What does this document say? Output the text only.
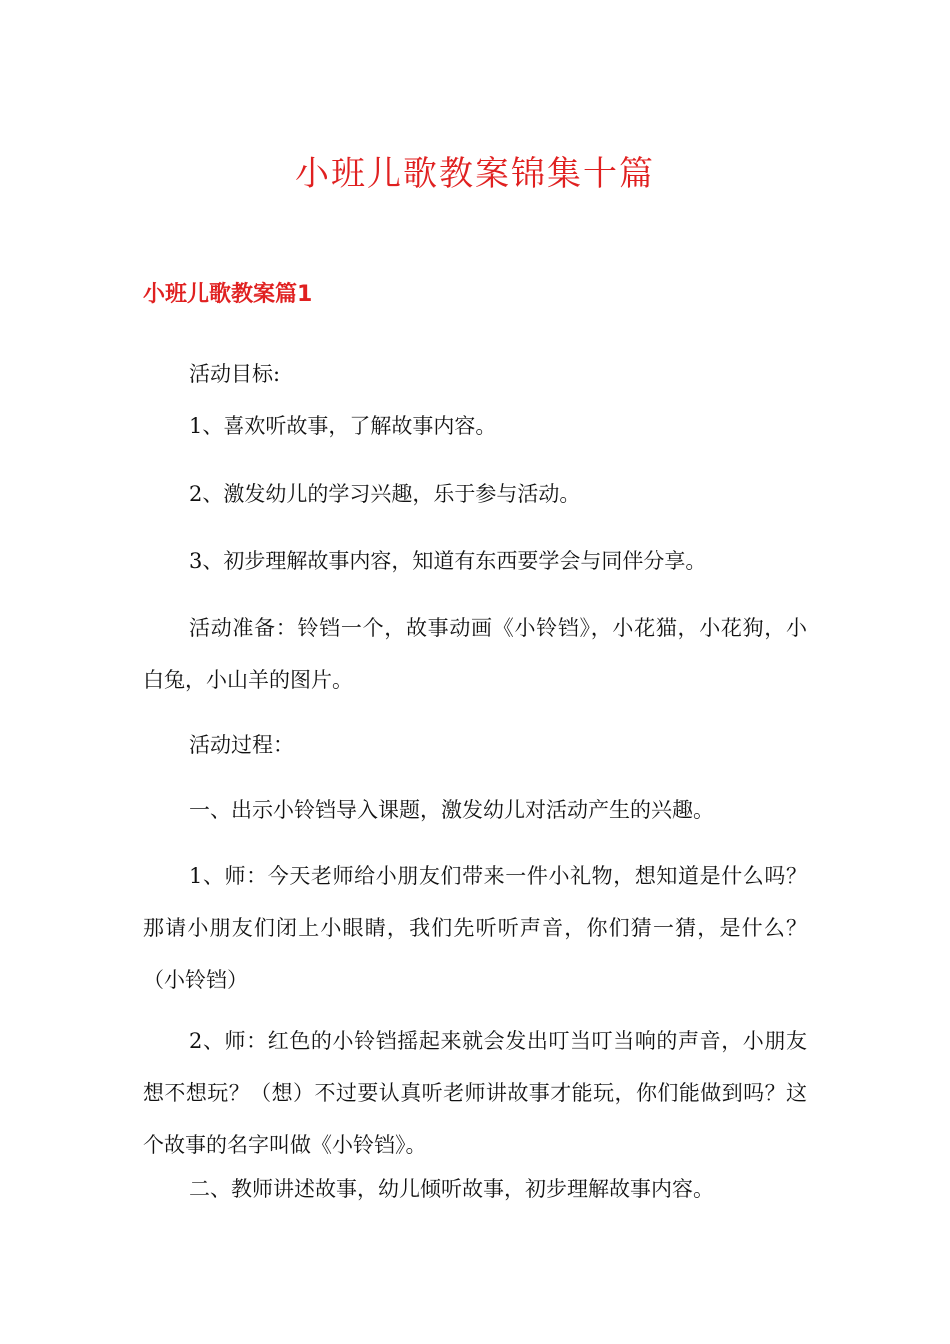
小班儿歌教案锦集十篇
小班儿歌教案篇1

活动目标:

1、喜欢听故事，了解故事内容。

2、激发幼儿的学习兴趣，乐于参与活动。

3、初步理解故事内容，知道有东西要学会与同伴分享。

活动准备：铃铛一个，故事动画《小铃铛》，小花猫，小花狗，小白兔，小山羊的图片。

活动过程：

一、出示小铃铛导入课题，激发幼儿对活动产生的兴趣。

1、师：今天老师给小朋友们带来一件小礼物，想知道是什么吗？那请小朋友们闭上小眼睛，我们先听听声音，你们猜一猜，是什么？（小铃铛）

2、师：红色的小铃铛摇起来就会发出叮当叮当响的声音，小朋友想不想玩？（想）不过要认真听老师讲故事才能玩，你们能做到吗？这个故事的名字叫做《小铃铛》。

二、教师讲述故事，幼儿倾听故事，初步理解故事内容。
